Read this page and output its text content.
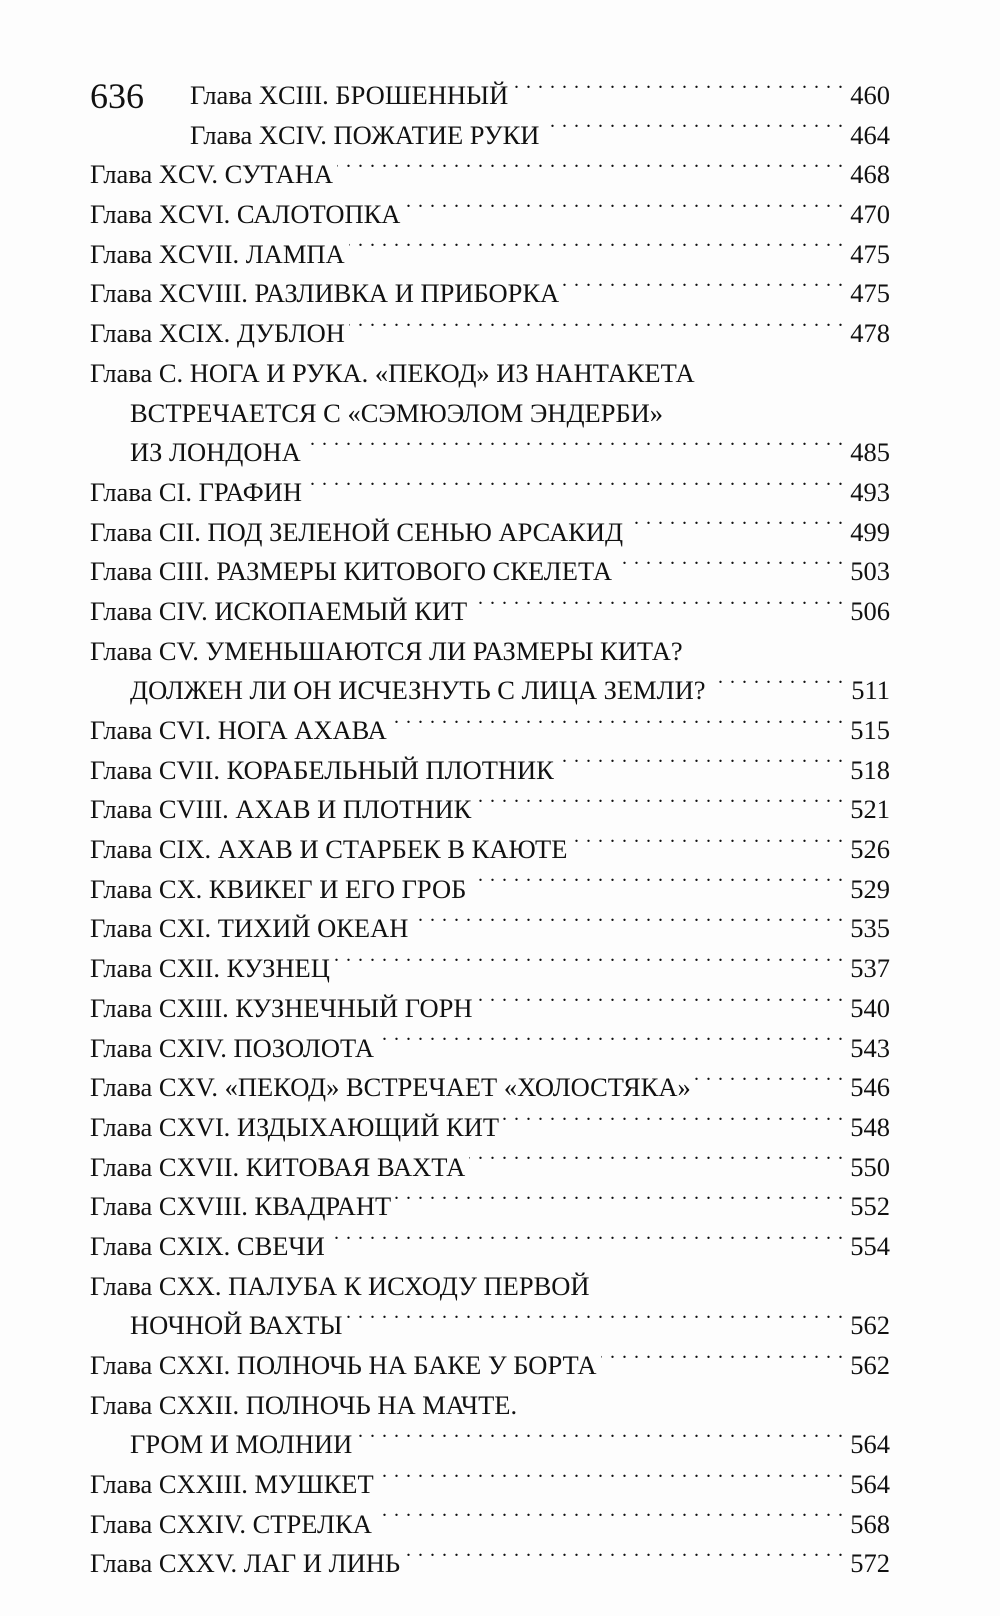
636 Глава XCIII. БРОШЕННЫЙ . . .	460
Глава XCIV. ПОЖАТИЕ РУКИ . . .	464
Глава XCV. СУТАНА . . .	468
Глава XCVI. САЛОТОПКА . . .	470
Глава XCVII. ЛАМПА . . .	475
Глава XCVIII. РАЗЛИВКА И ПРИБОРКА . . .	475
Глава XCIX. ДУБЛОН . . .	478
Глава C. НОГА И РУКА. «ПЕКОД» ИЗ НАНТАКЕТА
ВСТРЕЧАЕТСЯ С «СЭМЮЭЛОМ ЭНДЕРБИ»
ИЗ ЛОНДОНА . . .	485
Глава CI. ГРАФИН . . .	493
Глава CII. ПОД ЗЕЛЕНОЙ СЕНЬЮ АРСАКИД . . .	499
Глава CIII. РАЗМЕРЫ КИТОВОГО СКЕЛЕТА . . .	503
Глава CIV. ИСКОПАЕМЫЙ КИТ . . .	506
Глава CV. УМЕНЬШАЮТСЯ ЛИ РАЗМЕРЫ КИТА?
ДОЛЖЕН ЛИ ОН ИСЧЕЗНУТЬ С ЛИЦА ЗЕМЛИ? . . .	511
Глава CVI. НОГА АХАВА . . .	515
Глава CVII. КОРАБЕЛЬНЫЙ ПЛОТНИК . . .	518
Глава CVIII. АХАВ И ПЛОТНИК . . .	521
Глава CIX. АХАВ И СТАРБЕК В КАЮТЕ . . .	526
Глава CX. КВИКЕГ И ЕГО ГРОБ . . .	529
Глава CXI. ТИХИЙ ОКЕАН . . .	535
Глава CXII. КУЗНЕЦ . . .	537
Глава CXIII. КУЗНЕЧНЫЙ ГОРН . . .	540
Глава CXIV. ПОЗОЛОТА . . .	543
Глава CXV. «ПЕКОД» ВСТРЕЧАЕТ «ХОЛОСТЯКА» . . .	546
Глава CXVI. ИЗДЫХАЮЩИЙ КИТ . . .	548
Глава CXVII. КИТОВАЯ ВАХТА . . .	550
Глава CXVIII. КВАДРАНТ . . .	552
Глава CXIX. СВЕЧИ . . .	554
Глава CXX. ПАЛУБА К ИСХОДУ ПЕРВОЙ
НОЧНОЙ ВАХТЫ . . .	562
Глава CXXI. ПОЛНОЧЬ НА БАКЕ У БОРТА . . .	562
Глава CXXII. ПОЛНОЧЬ НА МАЧТЕ.
ГРОМ И МОЛНИИ . . .	564
Глава CXXIII. МУШКЕТ . . .	564
Глава CXXIV. СТРЕЛКА . . .	568
Глава CXXV. ЛАГ И ЛИНЬ . . .	572
